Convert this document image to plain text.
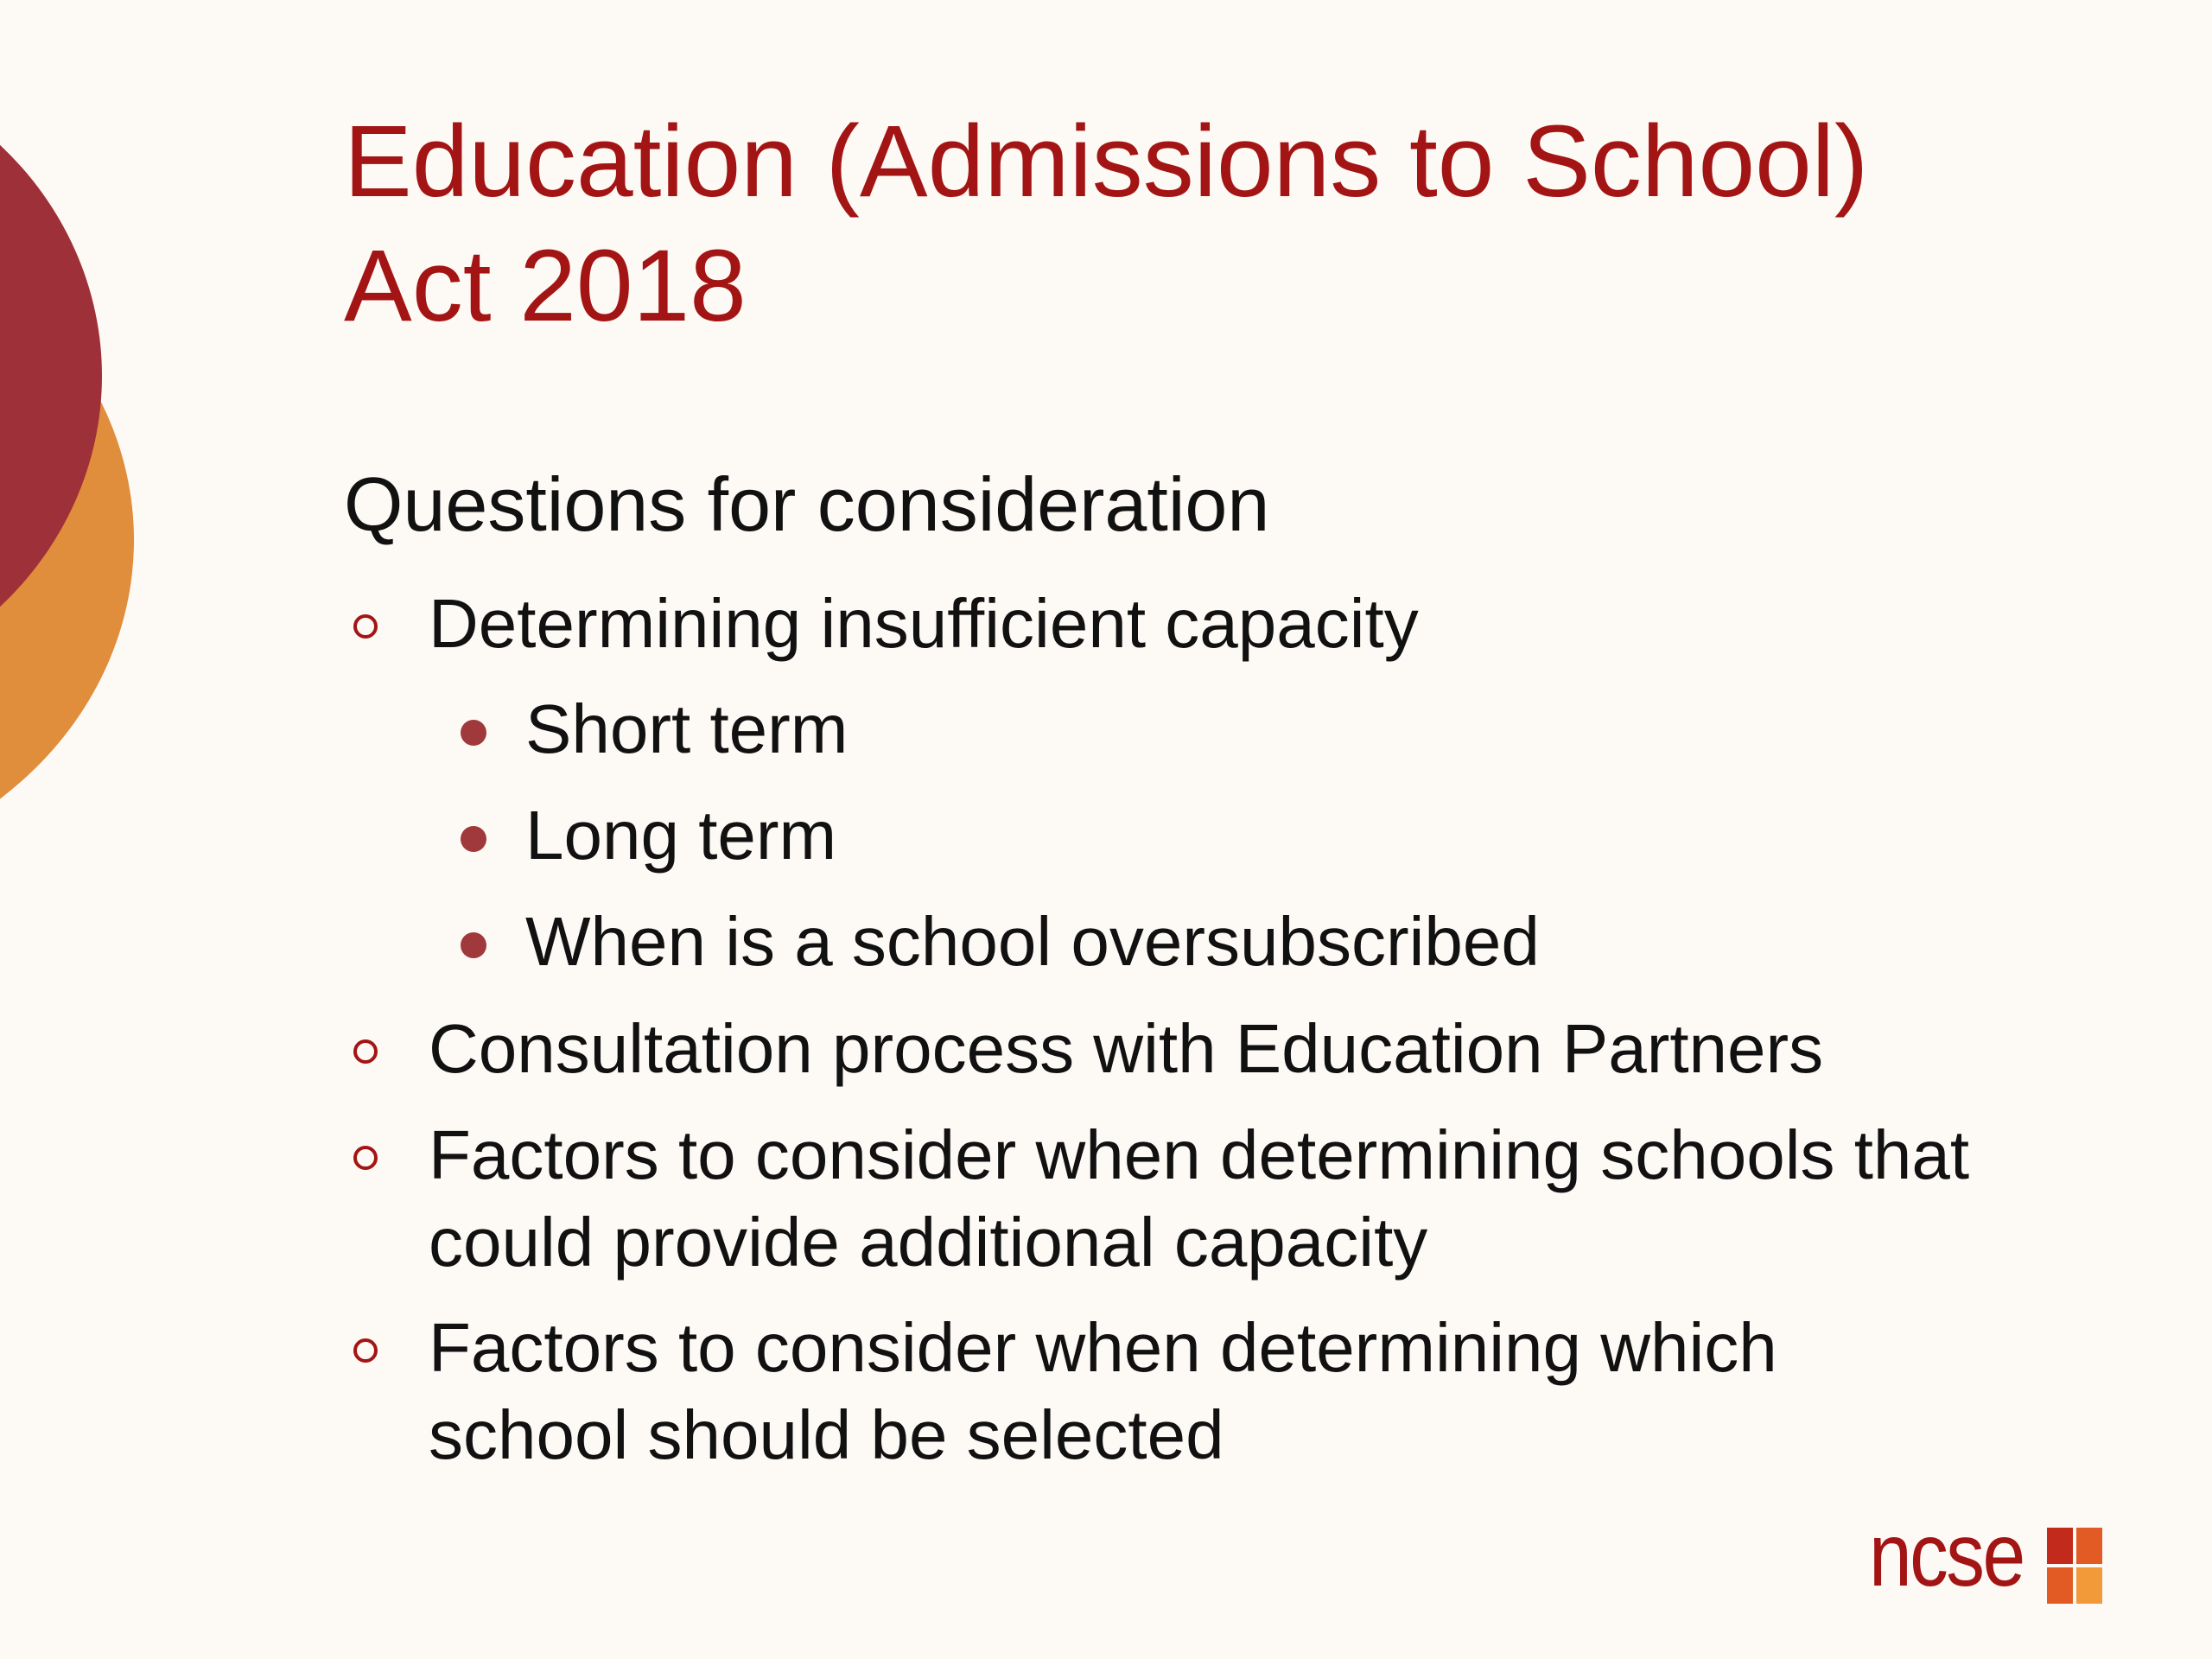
Education (Admissions to School)
Act 2018

Questions for consideration

Determining insufficient capacity

Short term

Long term

When is a school oversubscribed

Consultation process with Education Partners

Factors to consider when determining schools that

could provide additional capacity

Factors to consider when determining which

school should be selected

ncse
